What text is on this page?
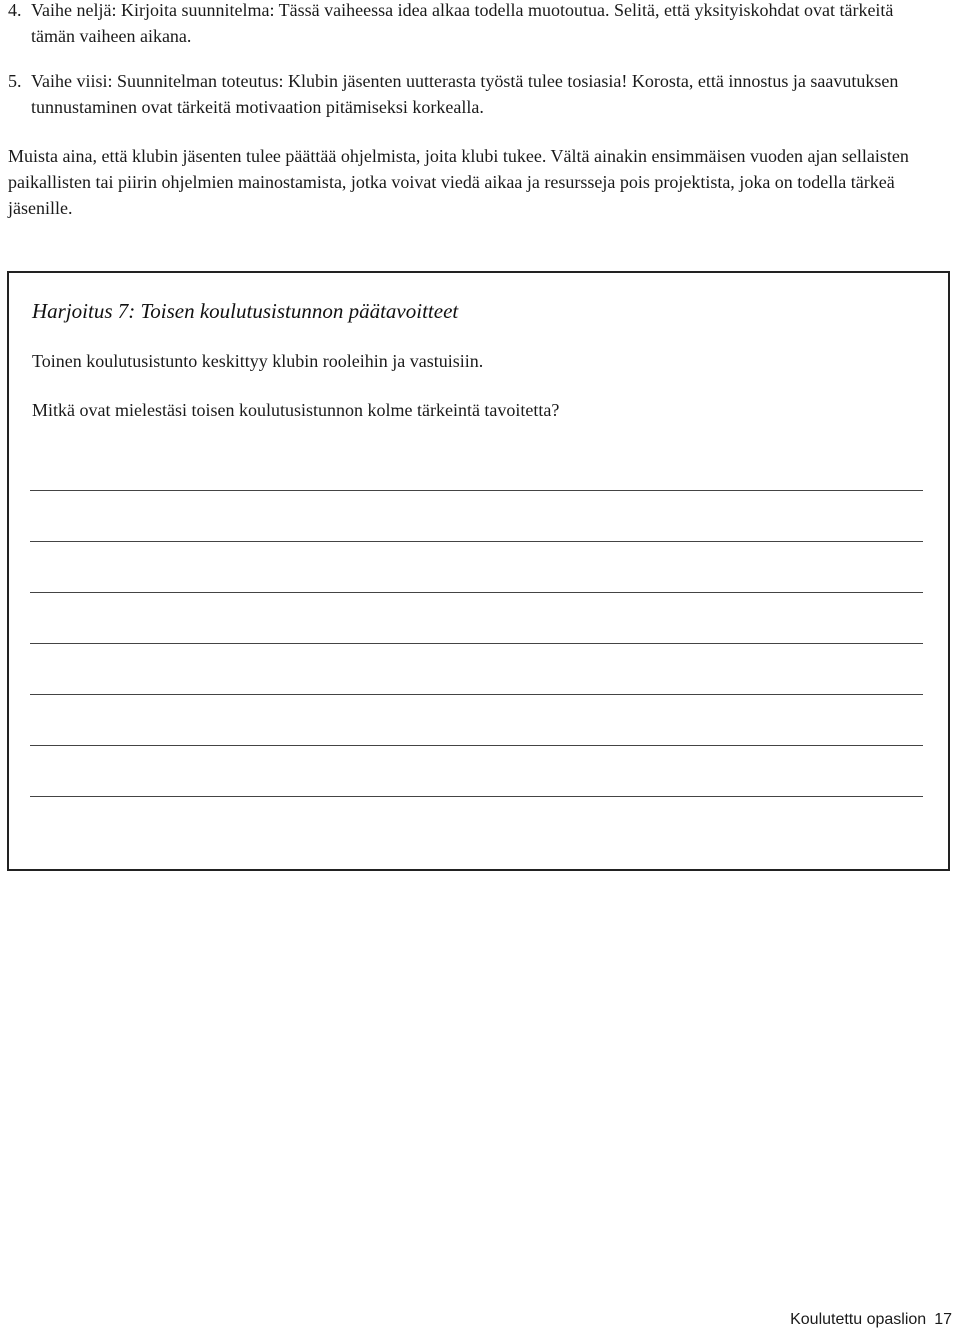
4. Vaihe neljä: Kirjoita suunnitelma: Tässä vaiheessa idea alkaa todella muotoutua. Selitä, että yksityiskohdat ovat tärkeitä tämän vaiheen aikana.
5. Vaihe viisi: Suunnitelman toteutus: Klubin jäsenten uutterasta työstä tulee tosiasia! Korosta, että innostus ja saavutuksen tunnustaminen ovat tärkeitä motivaation pitämiseksi korkealla.

Muista aina, että klubin jäsenten tulee päättää ohjelmista, joita klubi tukee. Vältä ainakin ensimmäisen vuoden ajan sellaisten paikallisten tai piirin ohjelmien mainostamista, jotka voivat viedä aikaa ja resursseja pois projektista, joka on todella tärkeä jäsenille.

Harjoitus 7: Toisen koulutusistunnon päätavoitteet

Toinen koulutusistunto keskittyy klubin rooleihin ja vastuisiin.

Mitkä ovat mielestäsi toisen koulutusistunnon kolme tärkeintä tavoitetta?

Koulutettu opaslion 17
